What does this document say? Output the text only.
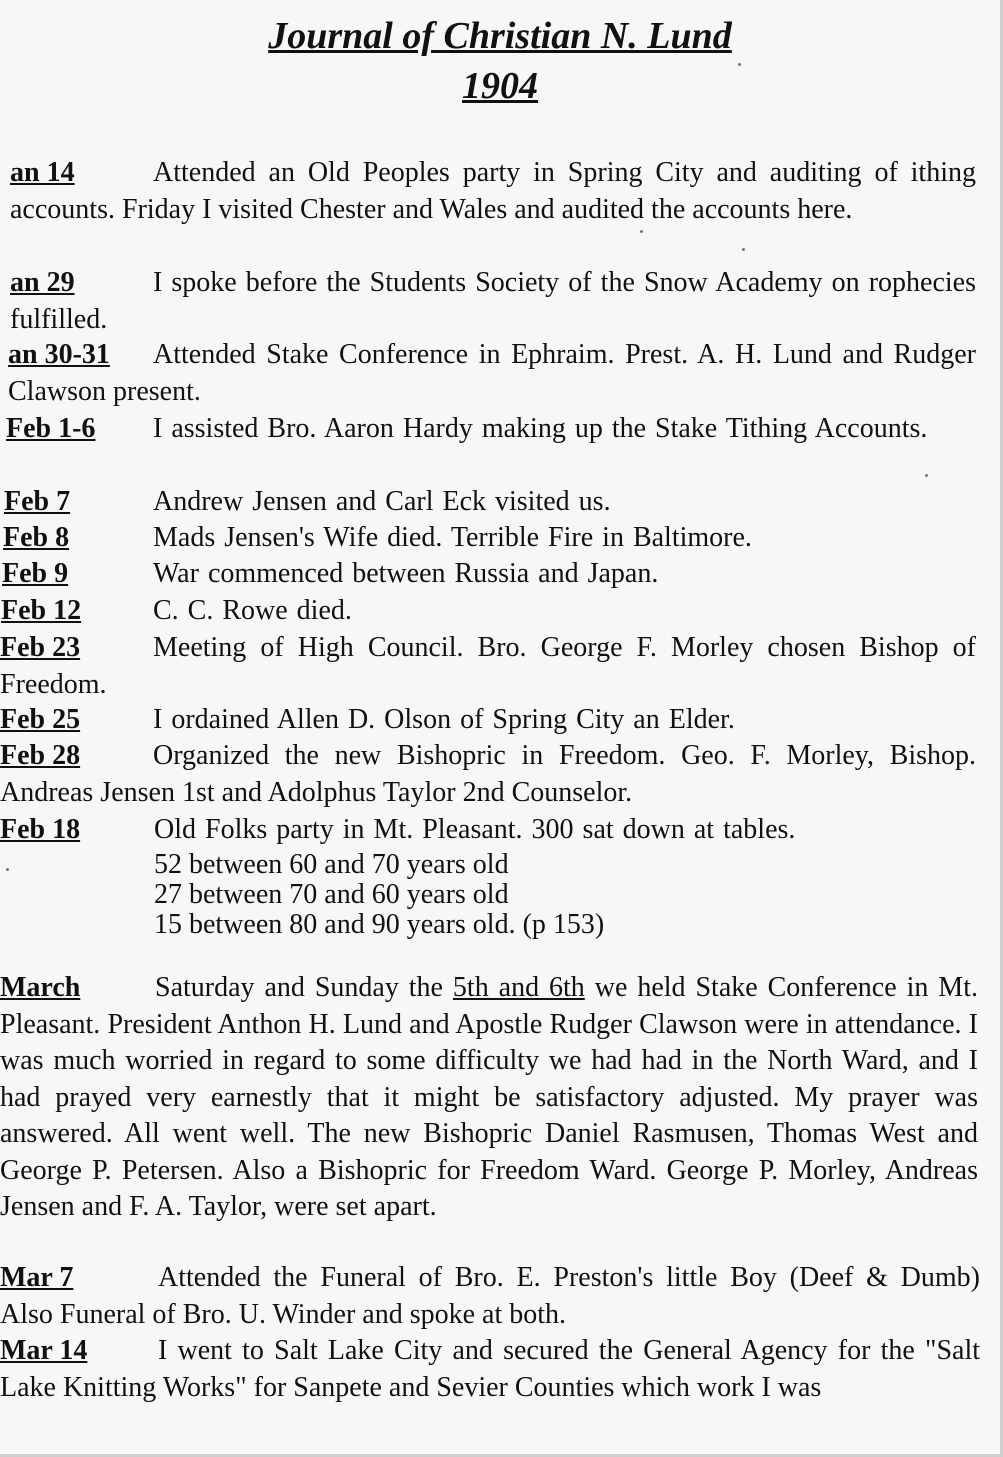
Journal of Christian N. Lund
1904
an 14	Attended an Old Peoples party in Spring City and auditing of ithing accounts. Friday I visited Chester and Wales and audited the accounts here.
an 29	I spoke before the Students Society of the Snow Academy on rophecies fulfilled.
an 30-31	Attended Stake Conference in Ephraim. Prest. A. H. Lund and Rudger Clawson present.
Feb 1-6	I assisted Bro. Aaron Hardy making up the Stake Tithing Accounts.
Feb 7	Andrew Jensen and Carl Eck visited us.
Feb 8	Mads Jensen's Wife died. Terrible Fire in Baltimore.
Feb 9	War commenced between Russia and Japan.
Feb 12	C. C. Rowe died.
Feb 23	Meeting of High Council. Bro. George F. Morley chosen Bishop of Freedom.
Feb 25	I ordained Allen D. Olson of Spring City an Elder.
Feb 28	Organized the new Bishopric in Freedom. Geo. F. Morley, Bishop. Andreas Jensen 1st and Adolphus Taylor 2nd Counselor.
Feb 18	Old Folks party in Mt. Pleasant. 300 sat down at tables.
52 between 60 and 70 years old
27 between 70 and 60 years old
15 between 80 and 90 years old. (p 153)
March	Saturday and Sunday the 5th and 6th we held Stake Conference in Mt. Pleasant. President Anthon H. Lund and Apostle Rudger Clawson were in attendance. I was much worried in regard to some difficulty we had had in the North Ward, and I had prayed very earnestly that it might be satisfactory adjusted. My prayer was answered. All went well. The new Bishopric Daniel Rasmusen, Thomas West and George P. Petersen. Also a Bishopric for Freedom Ward. George P. Morley, Andreas Jensen and F. A. Taylor, were set apart.
Mar 7	Attended the Funeral of Bro. E. Preston's little Boy (Deef & Dumb) Also Funeral of Bro. U. Winder and spoke at both.
Mar 14	I went to Salt Lake City and secured the General Agency for the "Salt Lake Knitting Works" for Sanpete and Sevier Counties which work I was
